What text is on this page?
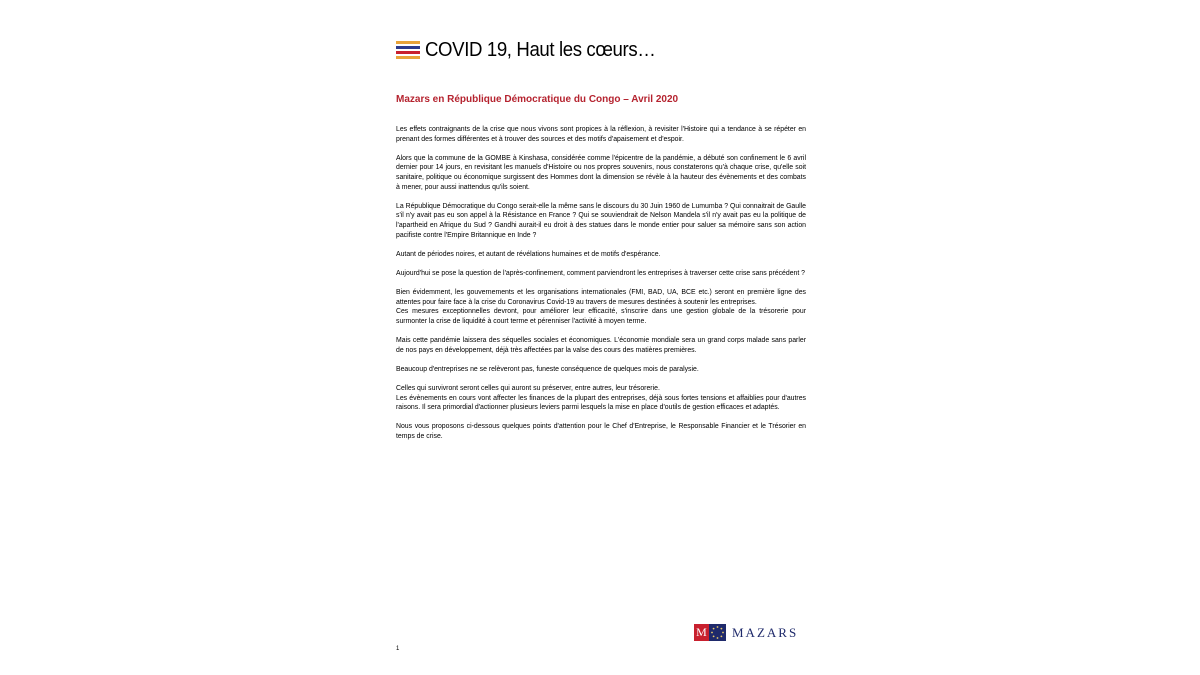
COVID 19, Haut les cœurs…
Mazars en République Démocratique du Congo – Avril 2020

Les effets contraignants de la crise que nous vivons sont propices à la réflexion, à revisiter l'Histoire qui a tendance à se répéter en prenant des formes différentes et à trouver des sources et des motifs d'apaisement et d'espoir.

Alors que la commune de la GOMBE à Kinshasa, considérée comme l'épicentre de la pandémie, a débuté son confinement le 6 avril dernier pour 14 jours, en revisitant les manuels d'Histoire ou nos propres souvenirs, nous constaterons qu'à chaque crise, qu'elle soit sanitaire, politique ou économique surgissent des Hommes dont la dimension se révèle à la hauteur des évènements et des combats à mener, pour aussi inattendus qu'ils soient.

La République Démocratique du Congo serait-elle la même sans le discours du 30 Juin 1960 de Lumumba ? Qui connaitrait de Gaulle s'il n'y avait pas eu son appel à la Résistance en France ? Qui se souviendrait de Nelson Mandela s'il n'y avait pas eu la politique de l'apartheid en Afrique du Sud ? Gandhi aurait-il eu droit à des statues dans le monde entier pour saluer sa mémoire sans son action pacifiste contre l'Empire Britannique en Inde ?

Autant de périodes noires, et autant de révélations humaines et de motifs d'espérance.

Aujourd'hui se pose la question de l'après-confinement, comment parviendront les entreprises à traverser cette crise sans précédent ?

Bien évidemment, les gouvernements et les organisations internationales (FMI, BAD, UA, BCE etc.) seront en première ligne des attentes pour faire face à la crise du Coronavirus Covid-19 au travers de mesures destinées à soutenir les entreprises.
Ces mesures exceptionnelles devront, pour améliorer leur efficacité, s'inscrire dans une gestion globale de la trésorerie pour surmonter la crise de liquidité à court terme et pérenniser l'activité à moyen terme.

Mais cette pandémie laissera des séquelles sociales et économiques. L'économie mondiale sera un grand corps malade sans parler de nos pays en développement, déjà très affectées par la valse des cours des matières premières.

Beaucoup d'entreprises ne se relèveront pas, funeste conséquence de quelques mois de paralysie.

Celles qui survivront seront celles qui auront su préserver, entre autres, leur trésorerie.
Les évènements en cours vont affecter les finances de la plupart des entreprises, déjà sous fortes tensions et affaiblies pour d'autres raisons. Il sera primordial d'actionner plusieurs leviers parmi lesquels la mise en place d'outils de gestion efficaces et adaptés.

Nous vous proposons ci-dessous quelques points d'attention pour le Chef d'Entreprise, le Responsable Financier et le Trésorier en temps de crise.

M MAZARS
1
